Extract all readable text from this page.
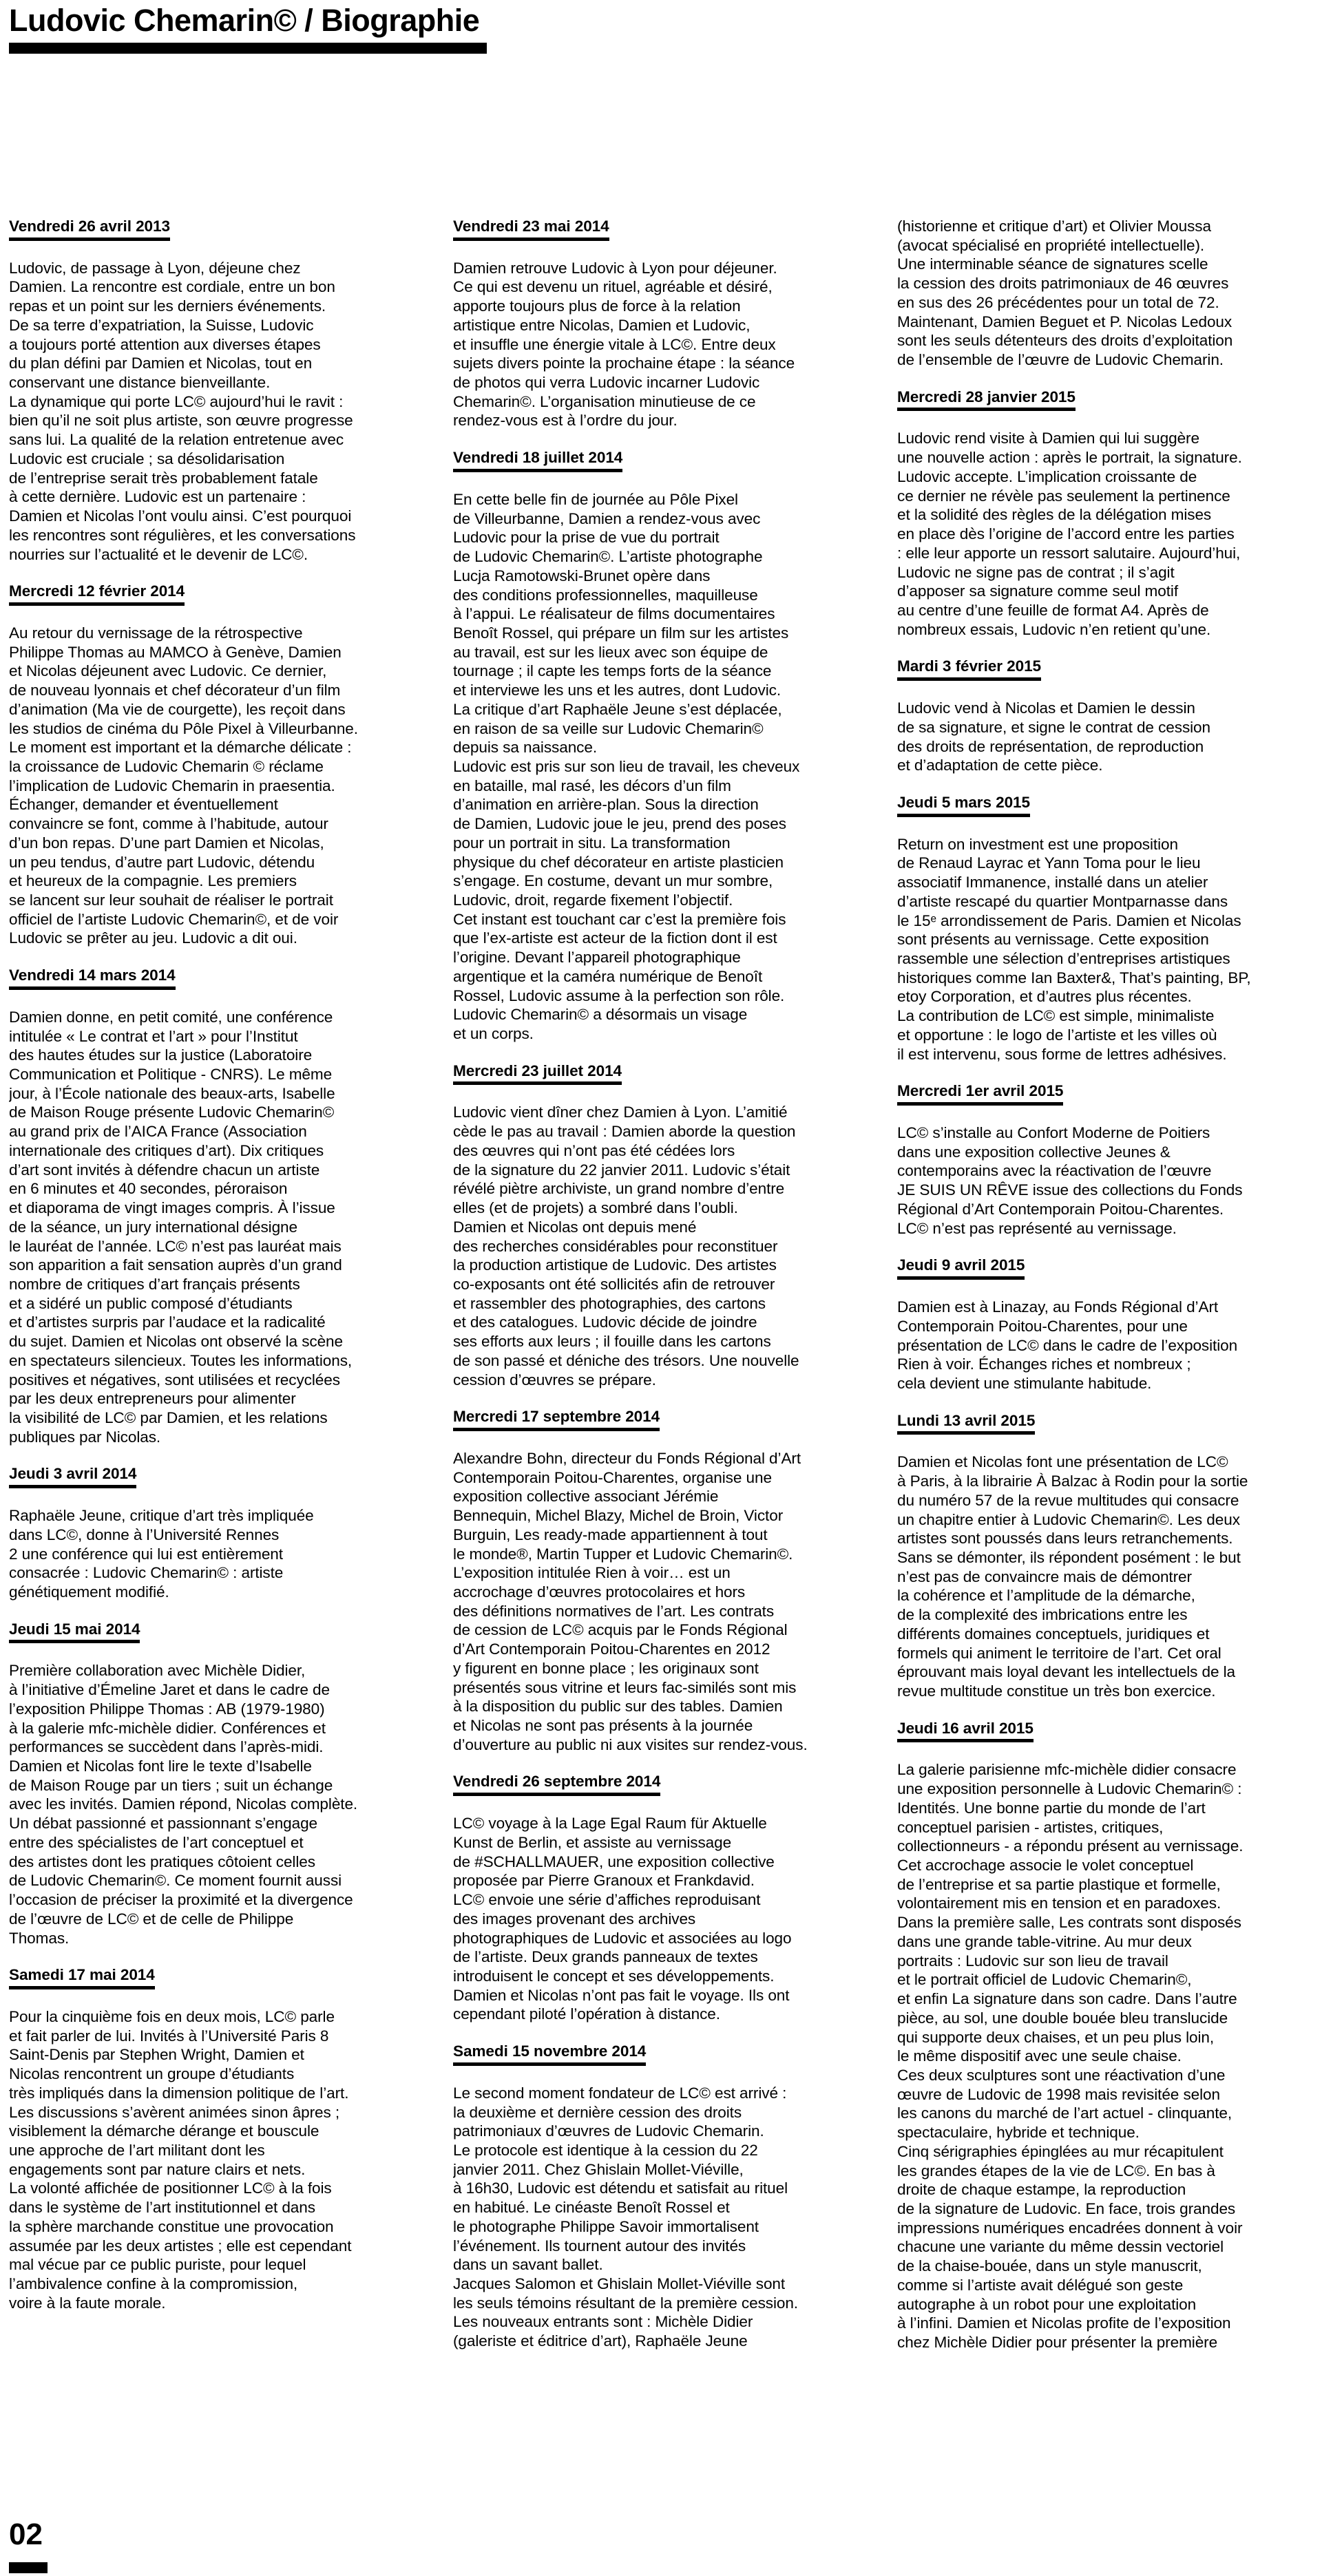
Ludovic Chemarin© / Biographie
Vendredi 26 avril 2013

Ludovic, de passage à Lyon, déjeune chez
Damien. La rencontre est cordiale, entre un bon
repas et un point sur les derniers événements.
De sa terre d’expatriation, la Suisse, Ludovic
a toujours porté attention aux diverses étapes
du plan défini par Damien et Nicolas, tout en
conservant une distance bienveillante.
La dynamique qui porte LC© aujourd’hui le ravit :
bien qu’il ne soit plus artiste, son œuvre progresse
sans lui. La qualité de la relation entretenue avec
Ludovic est cruciale ; sa désolidarisation
de l’entreprise serait très probablement fatale
à cette dernière. Ludovic est un partenaire :
Damien et Nicolas l’ont voulu ainsi. C’est pourquoi
les rencontres sont régulières, et les conversations
nourries sur l’actualité et le devenir de LC©.

Mercredi 12 février 2014

Au retour du vernissage de la rétrospective
Philippe Thomas au MAMCO à Genève, Damien
et Nicolas déjeunent avec Ludovic. Ce dernier,
de nouveau lyonnais et chef décorateur d’un film
d’animation (Ma vie de courgette), les reçoit dans
les studios de cinéma du Pôle Pixel à Villeurbanne.
Le moment est important et la démarche délicate :
la croissance de Ludovic Chemarin © réclame
l’implication de Ludovic Chemarin in praesentia.
Échanger, demander et éventuellement
convaincre se font, comme à l’habitude, autour
d’un bon repas. D’une part Damien et Nicolas,
un peu tendus, d’autre part Ludovic, détendu
et heureux de la compagnie. Les premiers
se lancent sur leur souhait de réaliser le portrait
officiel de l’artiste Ludovic Chemarin©, et de voir
Ludovic se prêter au jeu. Ludovic a dit oui.

Vendredi 14 mars 2014

Damien donne, en petit comité, une conférence
intitulée « Le contrat et l’art » pour l’Institut
des hautes études sur la justice (Laboratoire
Communication et Politique - CNRS). Le même
jour, à l’École nationale des beaux-arts, Isabelle
de Maison Rouge présente Ludovic Chemarin©
au grand prix de l’AICA France (Association
internationale des critiques d’art). Dix critiques
d’art sont invités à défendre chacun un artiste
en 6 minutes et 40 secondes, péroraison
et diaporama de vingt images compris. À l’issue
de la séance, un jury international désigne
le lauréat de l’année. LC© n’est pas lauréat mais
son apparition a fait sensation auprès d’un grand
nombre de critiques d’art français présents
et a sidéré un public composé d’étudiants
et d’artistes surpris par l’audace et la radicalité
du sujet. Damien et Nicolas ont observé la scène
en spectateurs silencieux. Toutes les informations,
positives et négatives, sont utilisées et recyclées
par les deux entrepreneurs pour alimenter
la visibilité de LC© par Damien, et les relations
publiques par Nicolas.

Jeudi 3 avril 2014

Raphaële Jeune, critique d’art très impliquée
dans LC©, donne à l’Université Rennes
2 une conférence qui lui est entièrement
consacrée : Ludovic Chemarin© : artiste
génétiquement modifié.

Jeudi 15 mai 2014

Première collaboration avec Michèle Didier,
à l’initiative d’Émeline Jaret et dans le cadre de
l’exposition Philippe Thomas : AB (1979-1980)
à la galerie mfc-michèle didier. Conférences et
performances se succèdent dans l’après-midi.
Damien et Nicolas font lire le texte d’Isabelle
de Maison Rouge par un tiers ; suit un échange
avec les invités. Damien répond, Nicolas complète.
Un débat passionné et passionnant s’engage
entre des spécialistes de l’art conceptuel et
des artistes dont les pratiques côtoient celles
de Ludovic Chemarin©. Ce moment fournit aussi
l’occasion de préciser la proximité et la divergence
de l’œuvre de LC© et de celle de Philippe
Thomas.

Samedi 17 mai 2014

Pour la cinquième fois en deux mois, LC© parle
et fait parler de lui. Invités à l’Université Paris 8
Saint-Denis par Stephen Wright, Damien et
Nicolas rencontrent un groupe d’étudiants
très impliqués dans la dimension politique de l’art.
Les discussions s’avèrent animées sinon âpres ;
visiblement la démarche dérange et bouscule
une approche de l’art militant dont les
engagements sont par nature clairs et nets.
La volonté affichée de positionner LC© à la fois
dans le système de l’art institutionnel et dans
la sphère marchande constitue une provocation
assumée par les deux artistes ; elle est cependant
mal vécue par ce public puriste, pour lequel
l’ambivalence confine à la compromission,
voire à la faute morale.

Vendredi 23 mai 2014

Damien retrouve Ludovic à Lyon pour déjeuner.
Ce qui est devenu un rituel, agréable et désiré,
apporte toujours plus de force à la relation
artistique entre Nicolas, Damien et Ludovic,
et insuffle une énergie vitale à LC©. Entre deux
sujets divers pointe la prochaine étape : la séance
de photos qui verra Ludovic incarner Ludovic
Chemarin©. L’organisation minutieuse de ce
rendez-vous est à l’ordre du jour.

Vendredi 18 juillet 2014

En cette belle fin de journée au Pôle Pixel
de Villeurbanne, Damien a rendez-vous avec
Ludovic pour la prise de vue du portrait
de Ludovic Chemarin©. L’artiste photographe
Lucja Ramotowski-Brunet opère dans
des conditions professionnelles, maquilleuse
à l’appui. Le réalisateur de films documentaires
Benoît Rossel, qui prépare un film sur les artistes
au travail, est sur les lieux avec son équipe de
tournage ; il capte les temps forts de la séance
et interviewe les uns et les autres, dont Ludovic.
La critique d’art Raphaële Jeune s’est déplacée,
en raison de sa veille sur Ludovic Chemarin©
depuis sa naissance.
Ludovic est pris sur son lieu de travail, les cheveux
en bataille, mal rasé, les décors d’un film
d’animation en arrière-plan. Sous la direction
de Damien, Ludovic joue le jeu, prend des poses
pour un portrait in situ. La transformation
physique du chef décorateur en artiste plasticien
s’engage. En costume, devant un mur sombre,
Ludovic, droit, regarde fixement l’objectif.
Cet instant est touchant car c’est la première fois
que l’ex-artiste est acteur de la fiction dont il est
l’origine. Devant l’appareil photographique
argentique et la caméra numérique de Benoît
Rossel, Ludovic assume à la perfection son rôle.
Ludovic Chemarin© a désormais un visage
et un corps.

Mercredi 23 juillet 2014

Ludovic vient dîner chez Damien à Lyon. L’amitié
cède le pas au travail : Damien aborde la question
des œuvres qui n’ont pas été cédées lors
de la signature du 22 janvier 2011. Ludovic s’était
révélé piètre archiviste, un grand nombre d’entre
elles (et de projets) a sombré dans l’oubli.
Damien et Nicolas ont depuis mené
des recherches considérables pour reconstituer
la production artistique de Ludovic. Des artistes
co-exposants ont été sollicités afin de retrouver
et rassembler des photographies, des cartons
et des catalogues. Ludovic décide de joindre
ses efforts aux leurs ; il fouille dans les cartons
de son passé et déniche des trésors. Une nouvelle
cession d’œuvres se prépare.

Mercredi 17 septembre 2014

Alexandre Bohn, directeur du Fonds Régional d’Art
Contemporain Poitou-Charentes, organise une
exposition collective associant Jérémie
Bennequin, Michel Blazy, Michel de Broin, Victor
Burguin, Les ready-made appartiennent à tout
le monde®, Martin Tupper et Ludovic Chemarin©.
L’exposition intitulée Rien à voir… est un
accrochage d’œuvres protocolaires et hors
des définitions normatives de l’art. Les contrats
de cession de LC© acquis par le Fonds Régional
d’Art Contemporain Poitou-Charentes en 2012
y figurent en bonne place ; les originaux sont
présentés sous vitrine et leurs fac-similés sont mis
à la disposition du public sur des tables. Damien
et Nicolas ne sont pas présents à la journée
d’ouverture au public ni aux visites sur rendez-vous.

Vendredi 26 septembre 2014

LC© voyage à la Lage Egal Raum für Aktuelle
Kunst de Berlin, et assiste au vernissage
de #SCHALLMAUER, une exposition collective
proposée par Pierre Granoux et Frankdavid.
LC© envoie une série d’affiches reproduisant
des images provenant des archives
photographiques de Ludovic et associées au logo
de l’artiste. Deux grands panneaux de textes
introduisent le concept et ses développements.
Damien et Nicolas n’ont pas fait le voyage. Ils ont
cependant piloté l’opération à distance.

Samedi 15 novembre 2014

Le second moment fondateur de LC© est arrivé :
la deuxième et dernière cession des droits
patrimoniaux d’œuvres de Ludovic Chemarin.
Le protocole est identique à la cession du 22
janvier 2011. Chez Ghislain Mollet-Viéville,
à 16h30, Ludovic est détendu et satisfait au rituel
en habitué. Le cinéaste Benoît Rossel et
le photographe Philippe Savoir immortalisent
l’événement. Ils tournent autour des invités
dans un savant ballet.
Jacques Salomon et Ghislain Mollet-Viéville sont
les seuls témoins résultant de la première cession.
Les nouveaux entrants sont : Michèle Didier
(galeriste et éditrice d’art), Raphaële Jeune

(historienne et critique d’art) et Olivier Moussa
(avocat spécialisé en propriété intellectuelle).
Une interminable séance de signatures scelle
la cession des droits patrimoniaux de 46 œuvres
en sus des 26 précédentes pour un total de 72.
Maintenant, Damien Beguet et P. Nicolas Ledoux
sont les seuls détenteurs des droits d’exploitation
de l’ensemble de l’œuvre de Ludovic Chemarin.

Mercredi 28 janvier 2015

Ludovic rend visite à Damien qui lui suggère
une nouvelle action : après le portrait, la signature.
Ludovic accepte. L’implication croissante de
ce dernier ne révèle pas seulement la pertinence
et la solidité des règles de la délégation mises
en place dès l’origine de l’accord entre les parties
: elle leur apporte un ressort salutaire. Aujourd’hui,
Ludovic ne signe pas de contrat ; il s’agit
d’apposer sa signature comme seul motif
au centre d’une feuille de format A4. Après de
nombreux essais, Ludovic n’en retient qu’une.

Mardi 3 février 2015

Ludovic vend à Nicolas et Damien le dessin
de sa signature, et signe le contrat de cession
des droits de représentation, de reproduction
et d’adaptation de cette pièce.

Jeudi 5 mars 2015

Return on investment est une proposition
de Renaud Layrac et Yann Toma pour le lieu
associatif Immanence, installé dans un atelier
d’artiste rescapé du quartier Montparnasse dans
le 15ᵉ arrondissement de Paris. Damien et Nicolas
sont présents au vernissage. Cette exposition
rassemble une sélection d’entreprises artistiques
historiques comme Ian Baxter&, That’s painting, BP,
etoy Corporation, et d’autres plus récentes.
La contribution de LC© est simple, minimaliste
et opportune : le logo de l’artiste et les villes où
il est intervenu, sous forme de lettres adhésives.

Mercredi 1er avril 2015

LC© s’installe au Confort Moderne de Poitiers
dans une exposition collective Jeunes &
contemporains avec la réactivation de l’œuvre
JE SUIS UN RÊVE issue des collections du Fonds
Régional d’Art Contemporain Poitou-Charentes.
LC© n’est pas représenté au vernissage.

Jeudi 9 avril 2015

Damien est à Linazay, au Fonds Régional d’Art
Contemporain Poitou-Charentes, pour une
présentation de LC© dans le cadre de l’exposition
Rien à voir. Échanges riches et nombreux ;
cela devient une stimulante habitude.

Lundi 13 avril 2015

Damien et Nicolas font une présentation de LC©
à Paris, à la librairie À Balzac à Rodin pour la sortie
du numéro 57 de la revue multitudes qui consacre
un chapitre entier à Ludovic Chemarin©. Les deux
artistes sont poussés dans leurs retranchements.
Sans se démonter, ils répondent posément : le but
n’est pas de convaincre mais de démontrer
la cohérence et l’amplitude de la démarche,
de la complexité des imbrications entre les
différents domaines conceptuels, juridiques et
formels qui animent le territoire de l’art. Cet oral
éprouvant mais loyal devant les intellectuels de la
revue multitude constitue un très bon exercice.

Jeudi 16 avril 2015

La galerie parisienne mfc-michèle didier consacre
une exposition personnelle à Ludovic Chemarin© :
Identités. Une bonne partie du monde de l’art
conceptuel parisien - artistes, critiques,
collectionneurs - a répondu présent au vernissage.
Cet accrochage associe le volet conceptuel
de l’entreprise et sa partie plastique et formelle,
volontairement mis en tension et en paradoxes.
Dans la première salle, Les contrats sont disposés
dans une grande table-vitrine. Au mur deux
portraits : Ludovic sur son lieu de travail
et le portrait officiel de Ludovic Chemarin©,
et enfin La signature dans son cadre. Dans l’autre
pièce, au sol, une double bouée bleu translucide
qui supporte deux chaises, et un peu plus loin,
le même dispositif avec une seule chaise.
Ces deux sculptures sont une réactivation d’une
œuvre de Ludovic de 1998 mais revisitée selon
les canons du marché de l’art actuel - clinquante,
spectaculaire, hybride et technique.
Cinq sérigraphies épinglées au mur récapitulent
les grandes étapes de la vie de LC©. En bas à
droite de chaque estampe, la reproduction
de la signature de Ludovic. En face, trois grandes
impressions numériques encadrées donnent à voir
chacune une variante du même dessin vectoriel
de la chaise-bouée, dans un style manuscrit,
comme si l’artiste avait délégué son geste
autographe à un robot pour une exploitation
à l’infini. Damien et Nicolas profite de l’exposition
chez Michèle Didier pour présenter la première

02
